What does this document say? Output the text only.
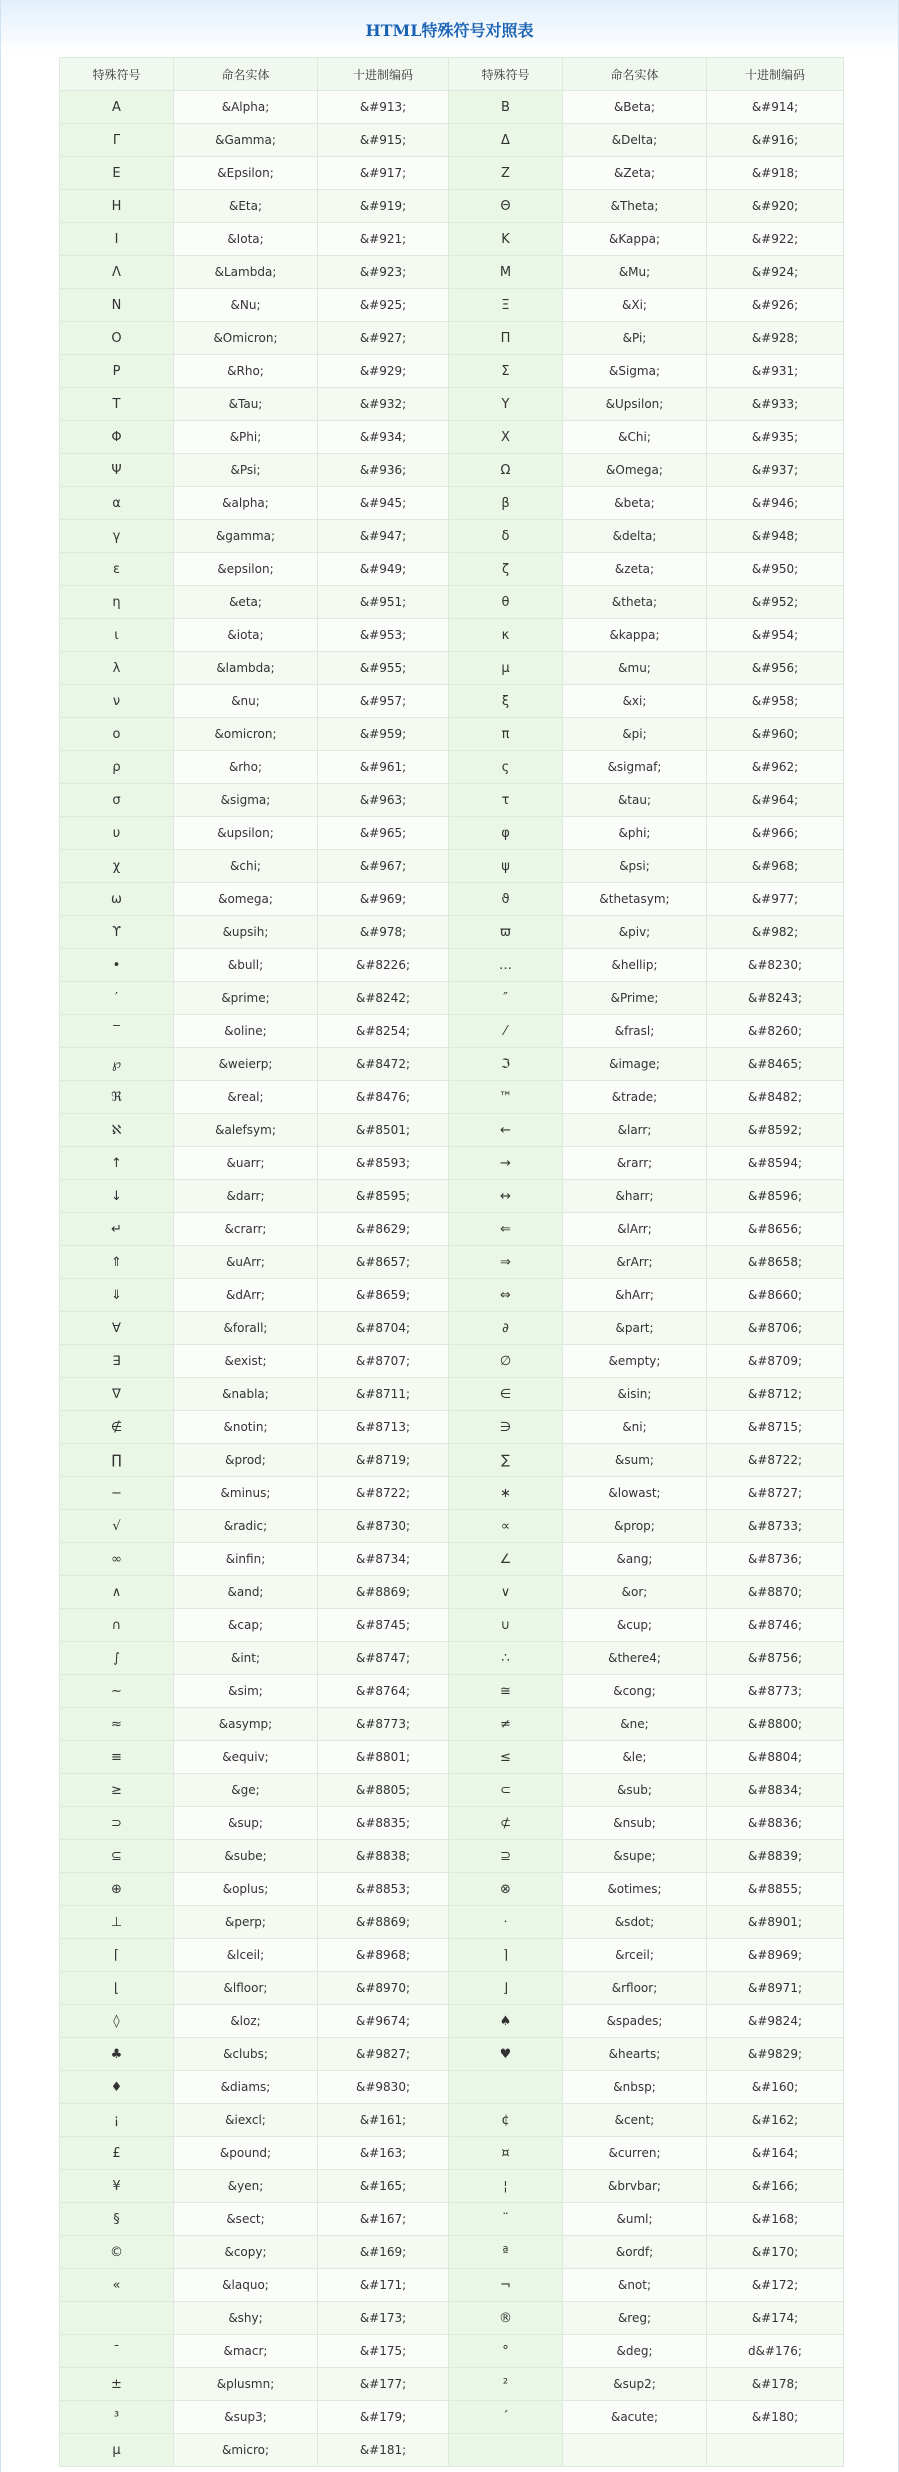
HTML特殊符号对照表
特殊符号	命名实体	十进制编码	特殊符号	命名实体	十进制编码
Α	&Alpha;	&#913;	Β	&Beta;	&#914;
Γ	&Gamma;	&#915;	Δ	&Delta;	&#916;
Ε	&Epsilon;	&#917;	Ζ	&Zeta;	&#918;
Η	&Eta;	&#919;	Θ	&Theta;	&#920;
Ι	&Iota;	&#921;	Κ	&Kappa;	&#922;
Λ	&Lambda;	&#923;	Μ	&Mu;	&#924;
Ν	&Nu;	&#925;	Ξ	&Xi;	&#926;
Ο	&Omicron;	&#927;	Π	&Pi;	&#928;
Ρ	&Rho;	&#929;	Σ	&Sigma;	&#931;
Τ	&Tau;	&#932;	Υ	&Upsilon;	&#933;
Φ	&Phi;	&#934;	Χ	&Chi;	&#935;
Ψ	&Psi;	&#936;	Ω	&Omega;	&#937;
α	&alpha;	&#945;	β	&beta;	&#946;
γ	&gamma;	&#947;	δ	&delta;	&#948;
ε	&epsilon;	&#949;	ζ	&zeta;	&#950;
η	&eta;	&#951;	θ	&theta;	&#952;
ι	&iota;	&#953;	κ	&kappa;	&#954;
λ	&lambda;	&#955;	μ	&mu;	&#956;
ν	&nu;	&#957;	ξ	&xi;	&#958;
ο	&omicron;	&#959;	π	&pi;	&#960;
ρ	&rho;	&#961;	ς	&sigmaf;	&#962;
σ	&sigma;	&#963;	τ	&tau;	&#964;
υ	&upsilon;	&#965;	φ	&phi;	&#966;
χ	&chi;	&#967;	ψ	&psi;	&#968;
ω	&omega;	&#969;	ϑ	&thetasym;	&#977;
ϒ	&upsih;	&#978;	ϖ	&piv;	&#982;
•	&bull;	&#8226;	…	&hellip;	&#8230;
′	&prime;	&#8242;	″	&Prime;	&#8243;
‾	&oline;	&#8254;	⁄	&frasl;	&#8260;
℘	&weierp;	&#8472;	ℑ	&image;	&#8465;
ℜ	&real;	&#8476;	™	&trade;	&#8482;
ℵ	&alefsym;	&#8501;	←	&larr;	&#8592;
↑	&uarr;	&#8593;	→	&rarr;	&#8594;
↓	&darr;	&#8595;	↔	&harr;	&#8596;
↵	&crarr;	&#8629;	⇐	&lArr;	&#8656;
⇑	&uArr;	&#8657;	⇒	&rArr;	&#8658;
⇓	&dArr;	&#8659;	⇔	&hArr;	&#8660;
∀	&forall;	&#8704;	∂	&part;	&#8706;
∃	&exist;	&#8707;	∅	&empty;	&#8709;
∇	&nabla;	&#8711;	∈	&isin;	&#8712;
∉	&notin;	&#8713;	∋	&ni;	&#8715;
∏	&prod;	&#8719;	∑	&sum;	&#8722;
−	&minus;	&#8722;	∗	&lowast;	&#8727;
√	&radic;	&#8730;	∝	&prop;	&#8733;
∞	&infin;	&#8734;	∠	&ang;	&#8736;
∧	&and;	&#8869;	∨	&or;	&#8870;
∩	&cap;	&#8745;	∪	&cup;	&#8746;
∫	&int;	&#8747;	∴	&there4;	&#8756;
∼	&sim;	&#8764;	≅	&cong;	&#8773;
≈	&asymp;	&#8773;	≠	&ne;	&#8800;
≡	&equiv;	&#8801;	≤	&le;	&#8804;
≥	&ge;	&#8805;	⊂	&sub;	&#8834;
⊃	&sup;	&#8835;	⊄	&nsub;	&#8836;
⊆	&sube;	&#8838;	⊇	&supe;	&#8839;
⊕	&oplus;	&#8853;	⊗	&otimes;	&#8855;
⊥	&perp;	&#8869;	⋅	&sdot;	&#8901;
⌈	&lceil;	&#8968;	⌉	&rceil;	&#8969;
⌊	&lfloor;	&#8970;	⌋	&rfloor;	&#8971;
◊	&loz;	&#9674;	♠	&spades;	&#9824;
♣	&clubs;	&#9827;	♥	&hearts;	&#9829;
♦	&diams;	&#9830;		&nbsp;	&#160;
¡	&iexcl;	&#161;	¢	&cent;	&#162;
£	&pound;	&#163;	¤	&curren;	&#164;
¥	&yen;	&#165;	¦	&brvbar;	&#166;
§	&sect;	&#167;	¨	&uml;	&#168;
©	&copy;	&#169;	ª	&ordf;	&#170;
«	&laquo;	&#171;	¬	&not;	&#172;
	&shy;	&#173;	®	&reg;	&#174;
¯	&macr;	&#175;	°	&deg;	d&#176;
±	&plusmn;	&#177;	²	&sup2;	&#178;
³	&sup3;	&#179;	´	&acute;	&#180;
µ	&micro;	&#181;			
